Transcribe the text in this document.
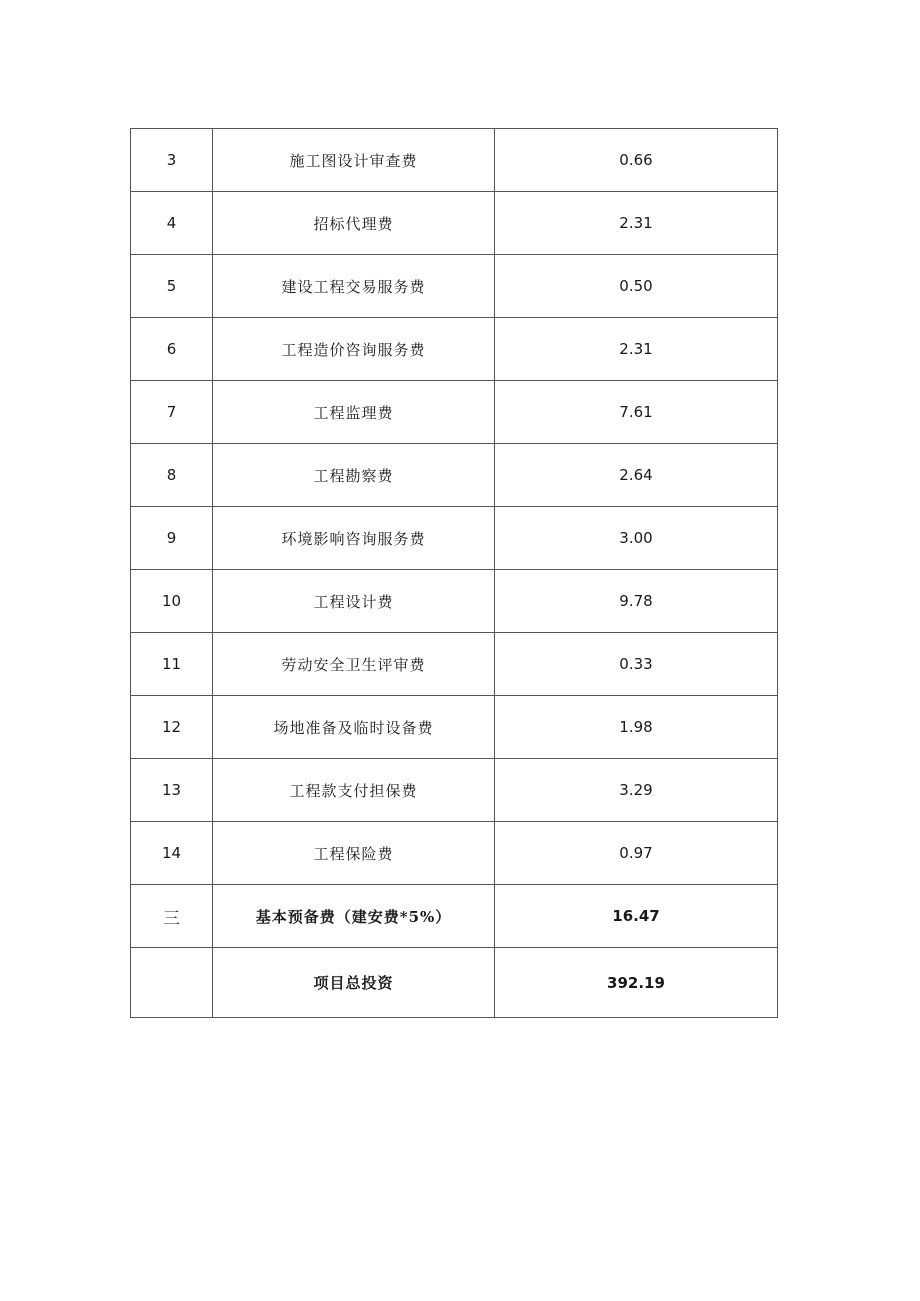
3	施工图设计审查费	0.66
4	招标代理费	2.31
5	建设工程交易服务费	0.50
6	工程造价咨询服务费	2.31
7	工程监理费	7.61
8	工程勘察费	2.64
9	环境影响咨询服务费	3.00
10	工程设计费	9.78
11	劳动安全卫生评审费	0.33
12	场地准备及临时设备费	1.98
13	工程款支付担保费	3.29
14	工程保险费	0.97
三	基本预备费（建安费*5%）	16.47
	项目总投资	392.19
